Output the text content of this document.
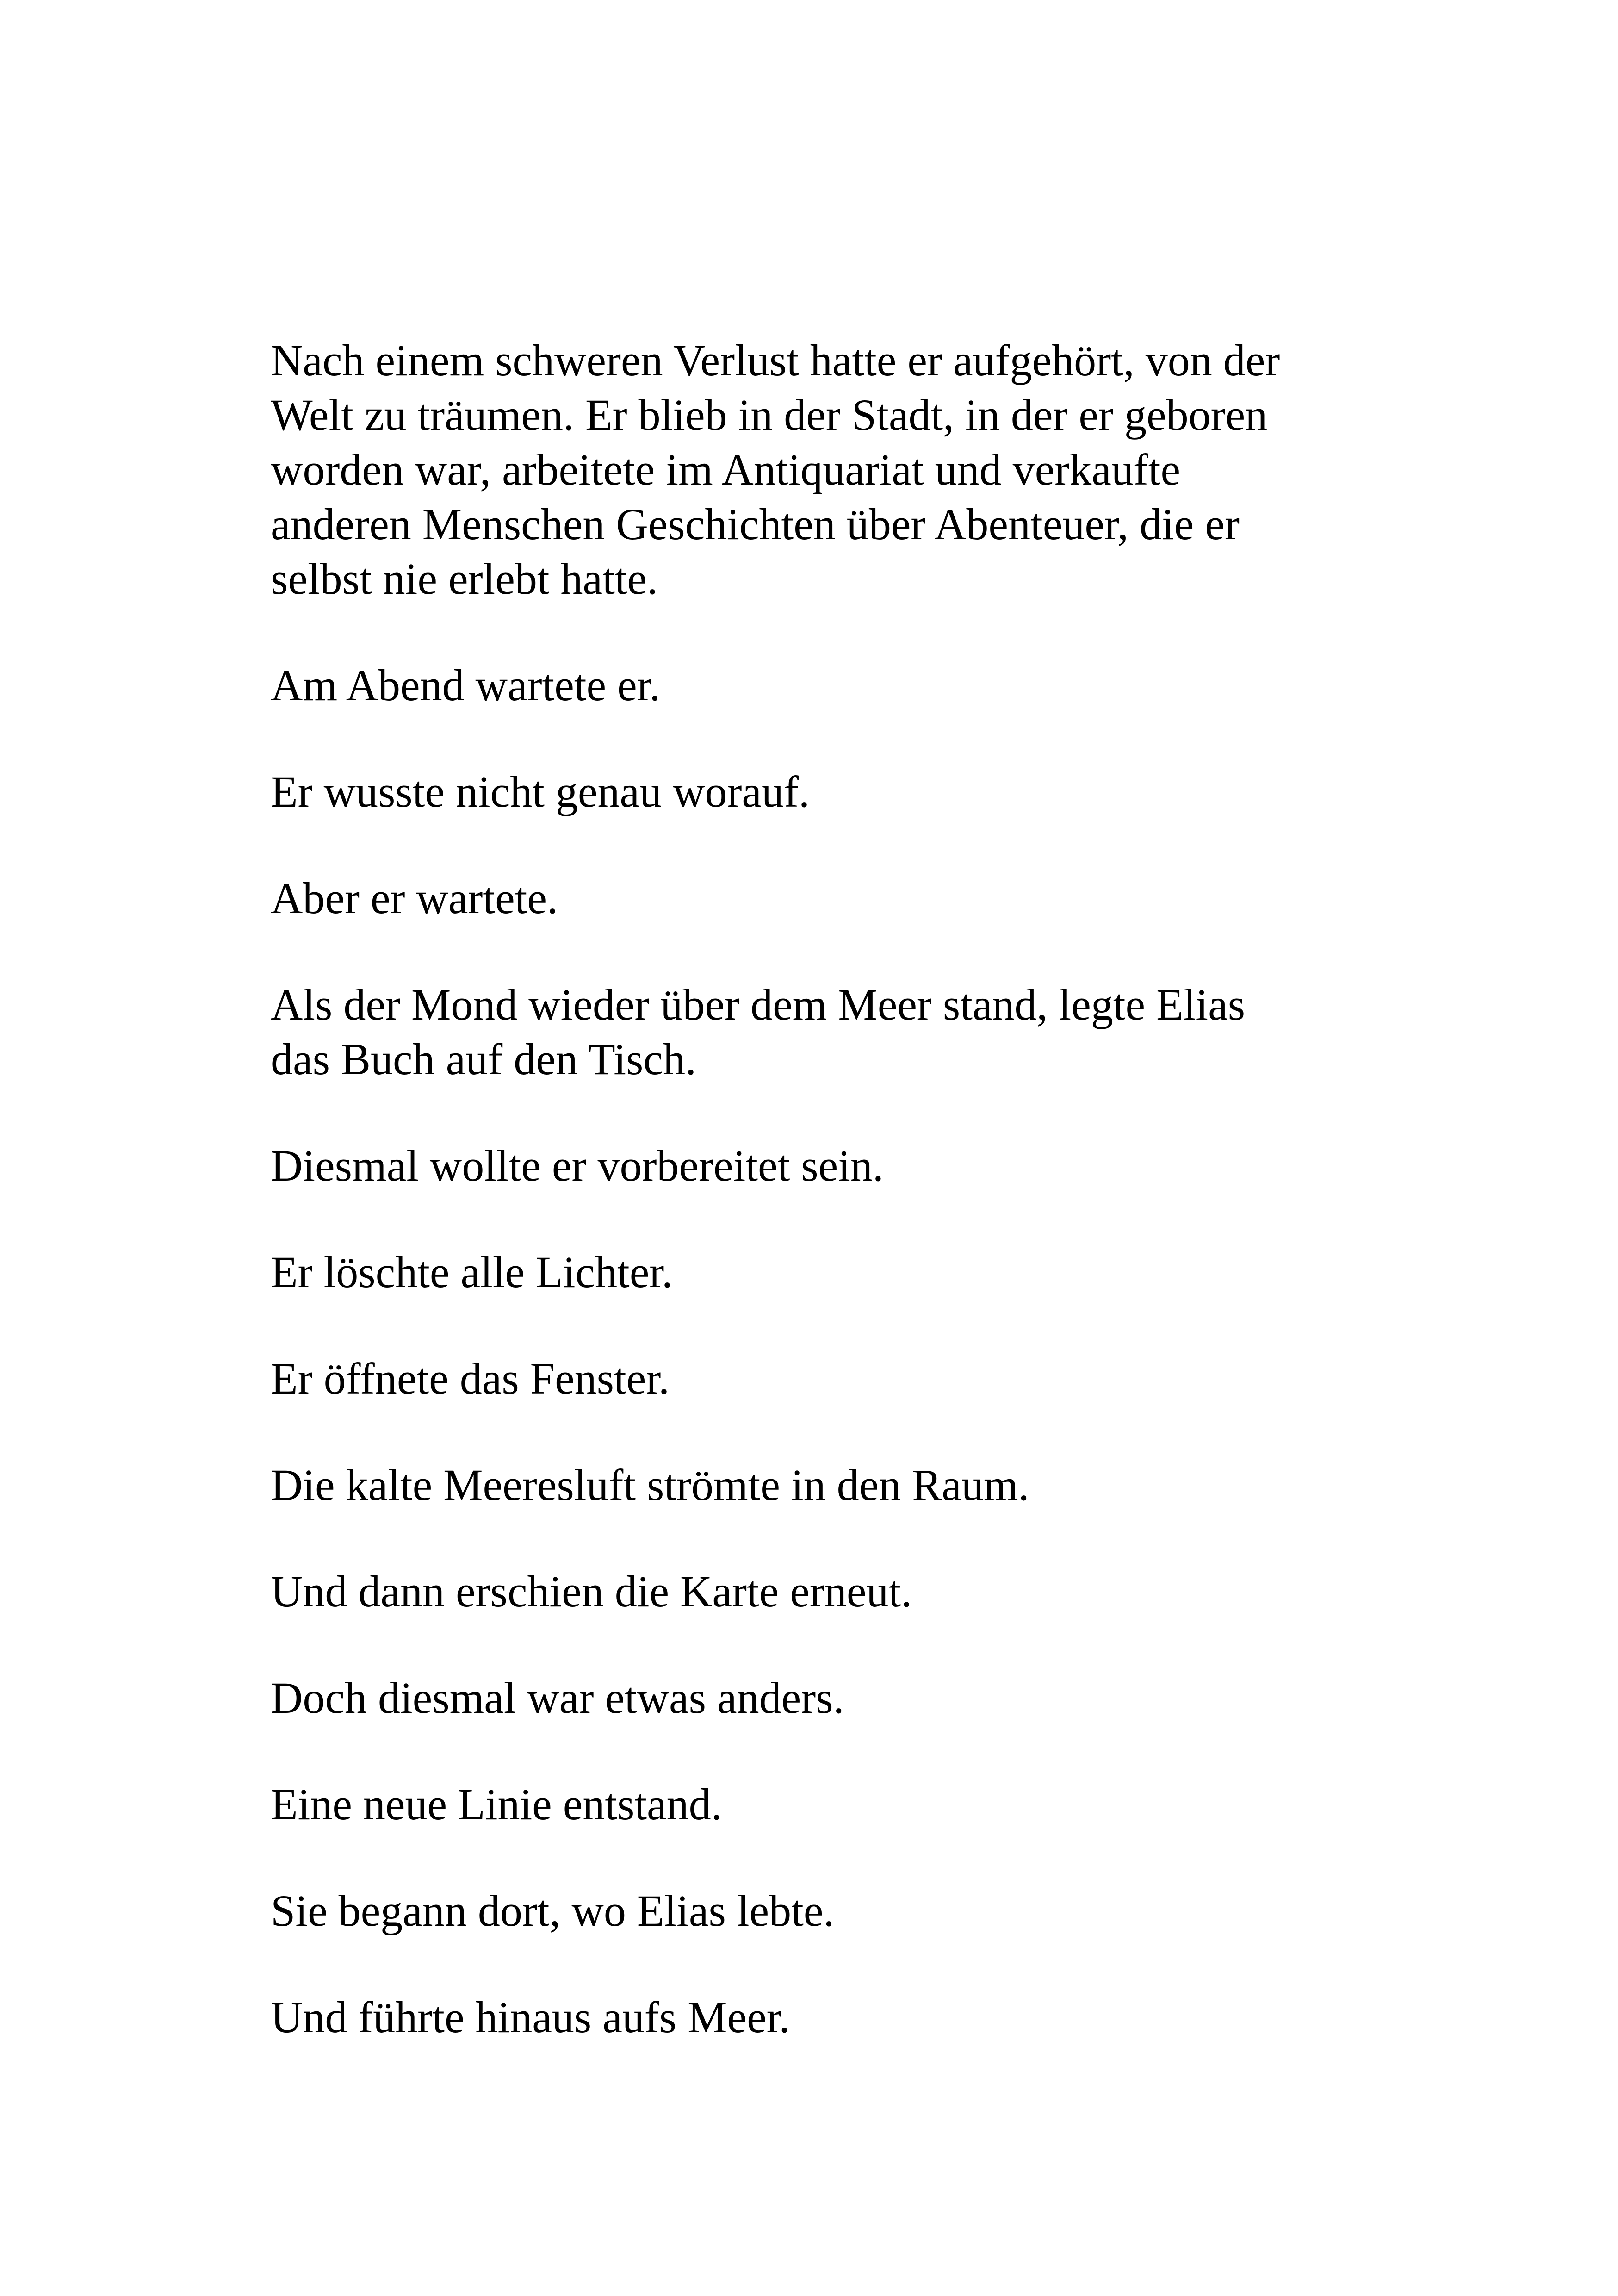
Nach einem schweren Verlust hatte er aufgehört, von der
Welt zu träumen. Er blieb in der Stadt, in der er geboren
worden war, arbeitete im Antiquariat und verkaufte
anderen Menschen Geschichten über Abenteuer, die er
selbst nie erlebt hatte.

Am Abend wartete er.

Er wusste nicht genau worauf.

Aber er wartete.

Als der Mond wieder über dem Meer stand, legte Elias
das Buch auf den Tisch.

Diesmal wollte er vorbereitet sein.

Er löschte alle Lichter.

Er öffnete das Fenster.

Die kalte Meeresluft strömte in den Raum.

Und dann erschien die Karte erneut.

Doch diesmal war etwas anders.

Eine neue Linie entstand.

Sie begann dort, wo Elias lebte.

Und führte hinaus aufs Meer.
